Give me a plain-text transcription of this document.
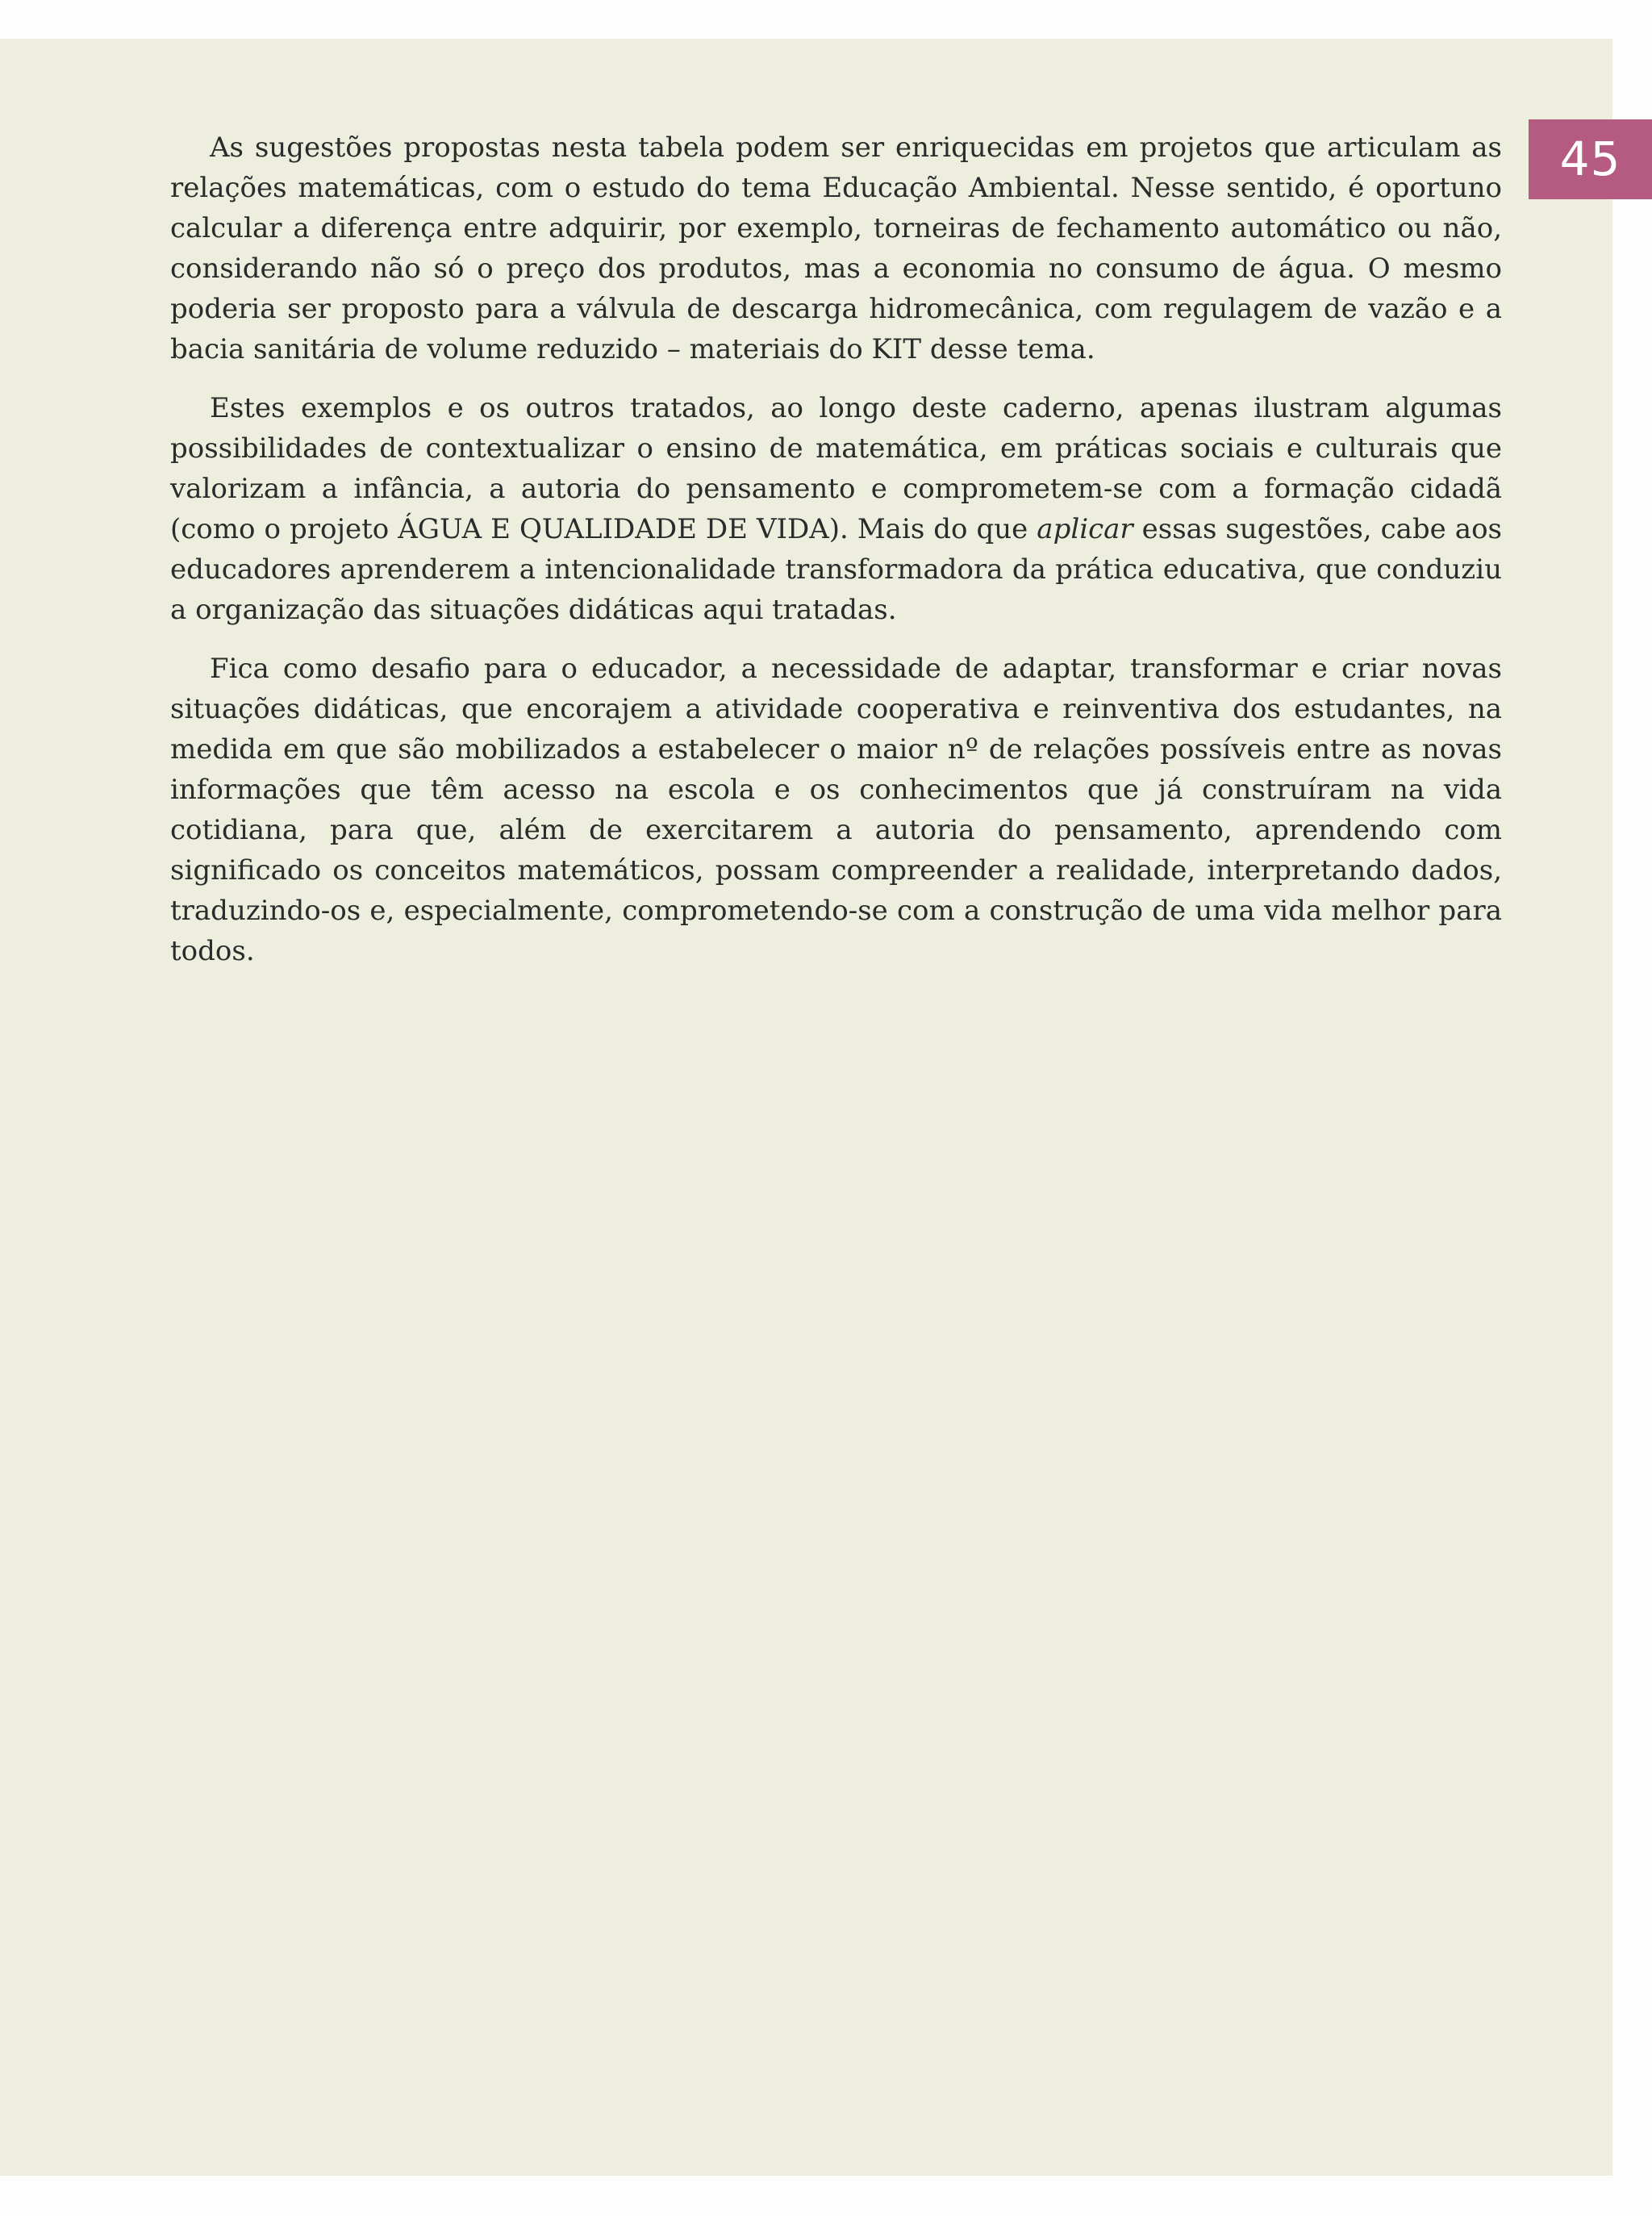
45

As sugestões propostas nesta tabela podem ser enriquecidas em projetos que articulam as relações matemáticas, com o estudo do tema Educação Ambiental. Nesse sentido, é oportuno calcular a diferença entre adquirir, por exemplo, torneiras de fechamento automático ou não, considerando não só o preço dos produtos, mas a economia no consumo de água. O mesmo poderia ser proposto para a válvula de descarga hidromecânica, com regulagem de vazão e a bacia sanitária de volume reduzido – materiais do KIT desse tema.

Estes exemplos e os outros tratados, ao longo deste caderno, apenas ilustram algumas possibilidades de contextualizar o ensino de matemática, em práticas sociais e culturais que valorizam a infância, a autoria do pensamento e comprometem-se com a formação cidadã (como o projeto ÁGUA E QUALIDADE DE VIDA). Mais do que aplicar essas sugestões, cabe aos educadores aprenderem a intencionalidade transformadora da prática educativa, que conduziu a organização das situações didáticas aqui tratadas.

Fica como desafio para o educador, a necessidade de adaptar, transformar e criar novas situações didáticas, que encorajem a atividade cooperativa e reinventiva dos estudantes, na medida em que são mobilizados a estabelecer o maior nº de relações possíveis entre as novas informações que têm acesso na escola e os conhecimentos que já construíram na vida cotidiana, para que, além de exercitarem a autoria do pensamento, aprendendo com significado os conceitos matemáticos, possam compreender a realidade, interpretando dados, traduzindo-os e, especialmente, comprometendo-se com a construção de uma vida melhor para todos.
